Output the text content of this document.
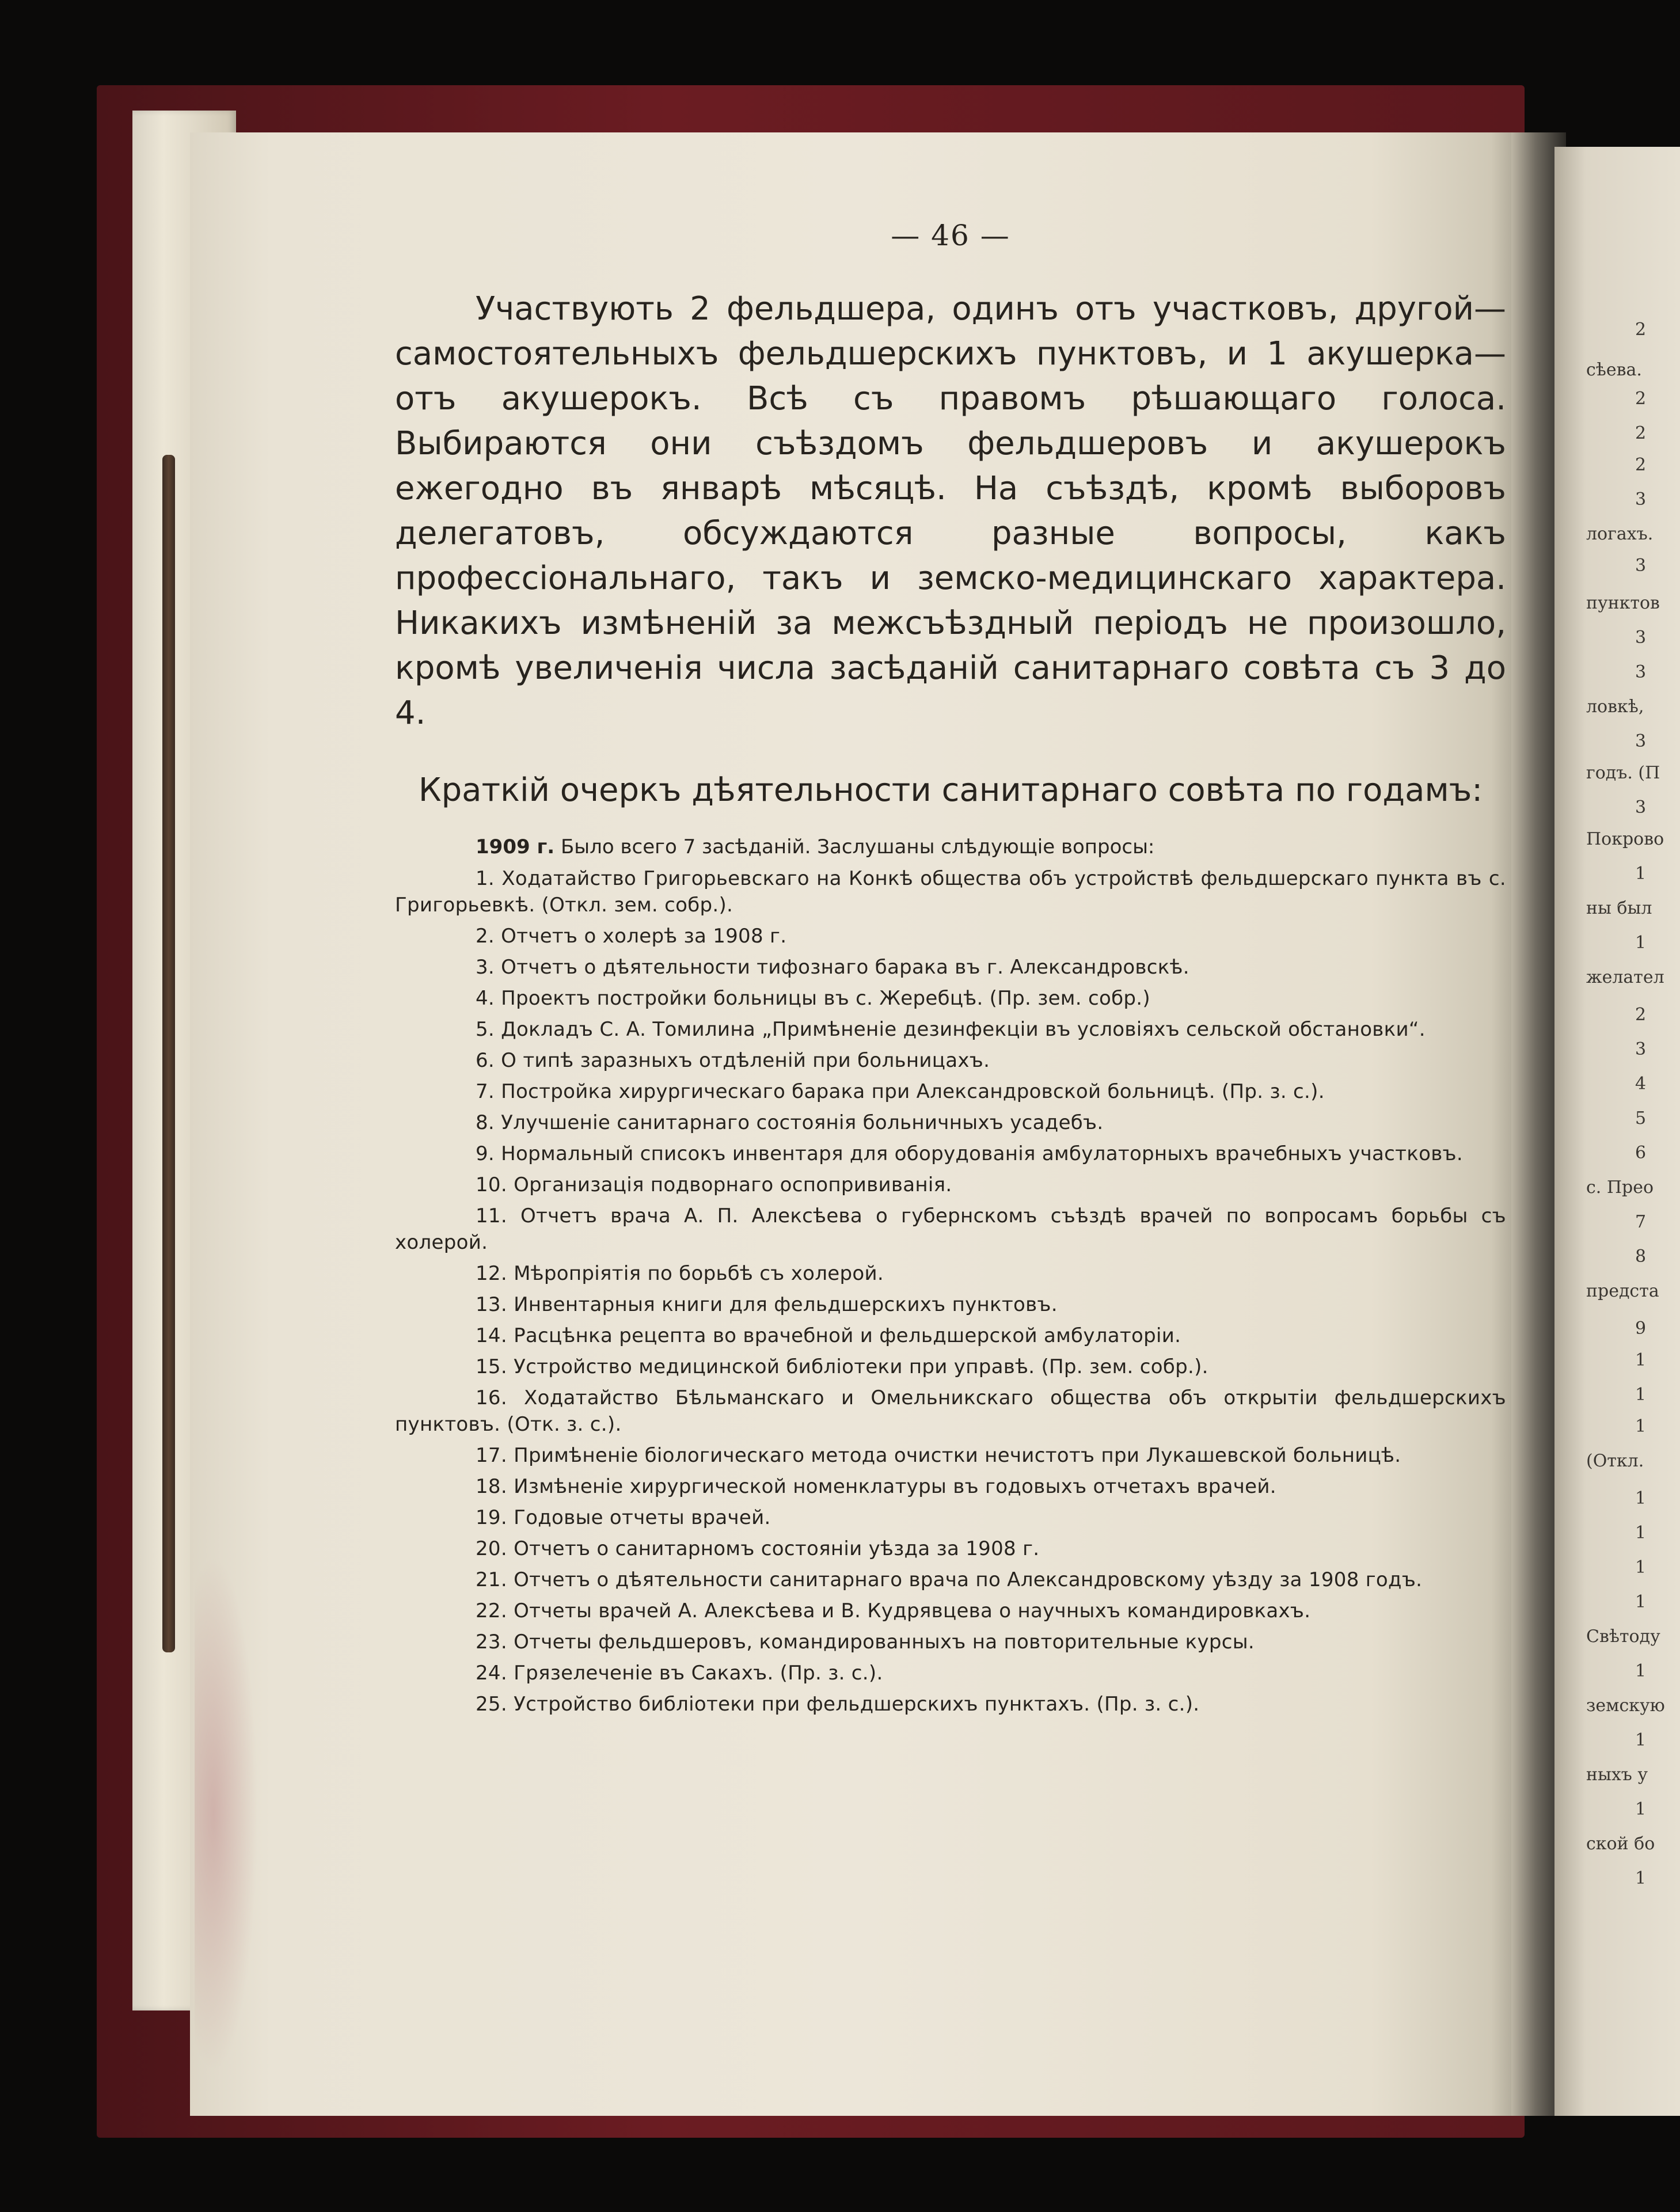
2
сѣева.
2
2
2
3
логахъ.
3
пунктов
3
3
ловкѣ,
3
годъ. (П
3
Покрово
1
ны был
1
желател
2
3
4
5
6
с. Прео
7
8
предста
9
1
1
1
(Откл.
1
1
1
1
Свѣтоду
1
земскую
1
ныхъ у
1
ской бо
1
— 46 —

Участвують 2 фельдшера, одинъ отъ участковъ, другой—самостоятельныхъ фельдшерскихъ пунктовъ, и 1 акушерка—отъ акушерокъ. Всѣ съ правомъ рѣшающаго голоса. Выбираются они съѣздомъ фельдшеровъ и акушерокъ ежегодно въ январѣ мѣсяцѣ. На съѣздѣ, кромѣ выборовъ делегатовъ, обсуждаются разные вопросы, какъ профессiональнаго, такъ и земско-медицинскаго характера. Никакихъ измѣненiй за межсъѣздный перiодъ не произошло, кромѣ увеличенiя числа засѣданiй санитарнаго совѣта съ 3 до 4.

Краткiй очеркъ дѣятельности санитарнаго совѣта по годамъ:

1909 г. Было всего 7 засѣданiй. Заслушаны слѣдующiе вопросы:

1. Ходатайство Григорьевскаго на Конкѣ общества объ устройствѣ фельдшерскаго пункта въ с. Григорьевкѣ. (Откл. зем. собр.).

2. Отчетъ о холерѣ за 1908 г.

3. Отчетъ о дѣятельности тифознаго барака въ г. Александровскѣ.

4. Проектъ постройки больницы въ с. Жеребцѣ. (Пр. зем. собр.)

5. Докладъ С. А. Томилина „Примѣненiе дезинфекцiи въ условiяхъ сельской обстановки“.

6. О типѣ заразныхъ отдѣленiй при больницахъ.

7. Постройка хирургическаго барака при Александровской больницѣ. (Пр. з. с.).

8. Улучшенiе санитарнаго состоянiя больничныхъ усадебъ.

9. Нормальный списокъ инвентаря для оборудованiя амбулаторныхъ врачебныхъ участковъ.

10. Организацiя подворнаго оспопрививанiя.

11. Отчетъ врача А. П. Алексѣева о губернскомъ съѣздѣ врачей по вопросамъ борьбы съ холерой.

12. Мѣропрiятiя по борьбѣ съ холерой.

13. Инвентарныя книги для фельдшерскихъ пунктовъ.

14. Расцѣнка рецепта во врачебной и фельдшерской амбулаторiи.

15. Устройство медицинской библiотеки при управѣ. (Пр. зем. собр.).

16. Ходатайство Бѣльманскаго и Омельникскаго общества объ открытiи фельдшерскихъ пунктовъ. (Отк. з. с.).

17. Примѣненiе бiологическаго метода очистки нечистотъ при Лукашевской больницѣ.

18. Измѣненiе хирургической номенклатуры въ годовыхъ отчетахъ врачей.

19. Годовые отчеты врачей.

20. Отчетъ о санитарномъ состоянiи уѣзда за 1908 г.

21. Отчетъ о дѣятельности санитарнаго врача по Александровскому уѣзду за 1908 годъ.

22. Отчеты врачей А. Алексѣева и В. Кудрявцева о научныхъ командировкахъ.

23. Отчеты фельдшеровъ, командированныхъ на повторительные курсы.

24. Грязелеченiе въ Сакахъ. (Пр. з. с.).

25. Устройство библiотеки при фельдшерскихъ пунктахъ. (Пр. з. с.).
